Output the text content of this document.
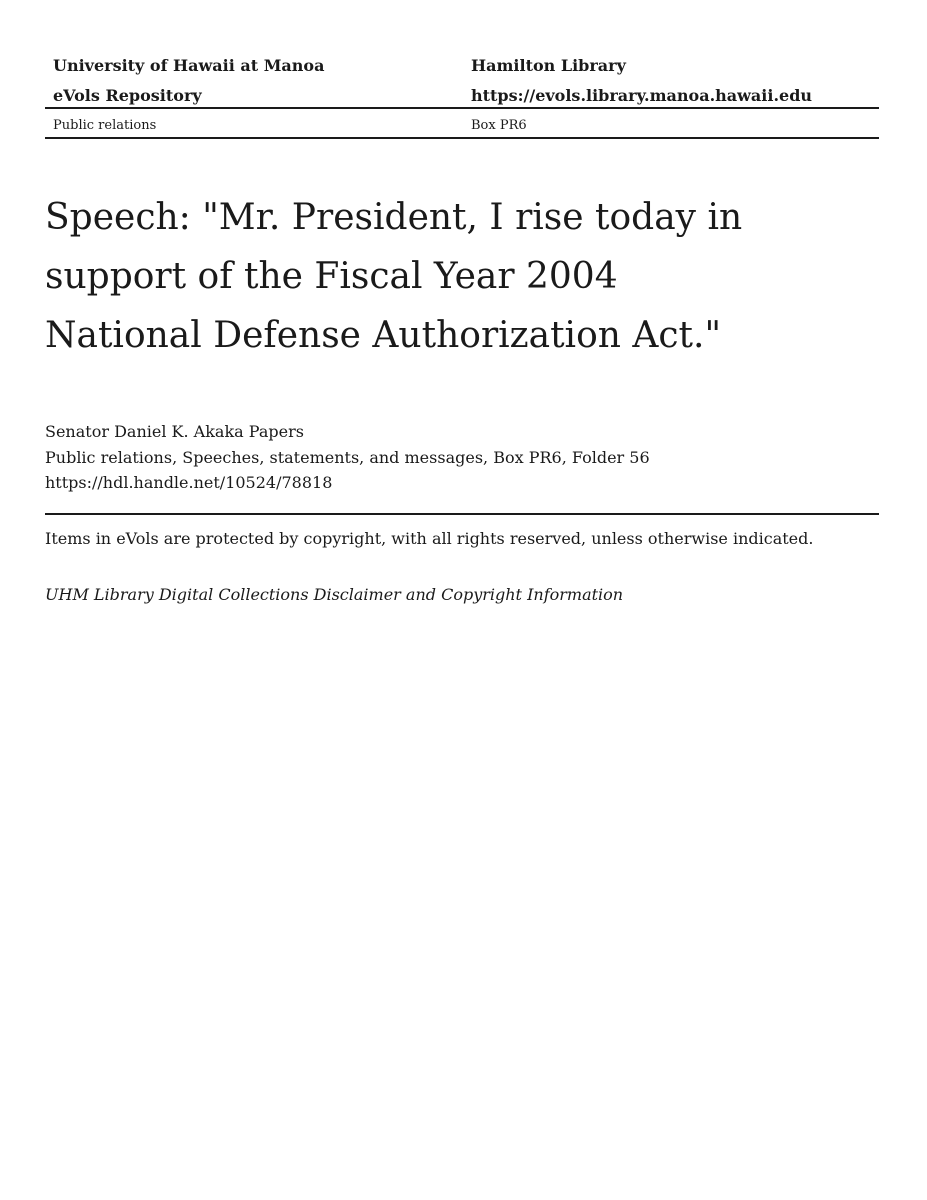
University of Hawaii at Manoa	Hamilton Library
eVols Repository	https://evols.library.manoa.hawaii.edu
Public relations	Box PR6
Speech: "Mr. President, I rise today in
support of the Fiscal Year 2004
National Defense Authorization Act."
Senator Daniel K. Akaka Papers
Public relations, Speeches, statements, and messages, Box PR6, Folder 56
https://hdl.handle.net/10524/78818
Items in eVols are protected by copyright, with all rights reserved, unless otherwise indicated.
UHM Library Digital Collections Disclaimer and Copyright Information
